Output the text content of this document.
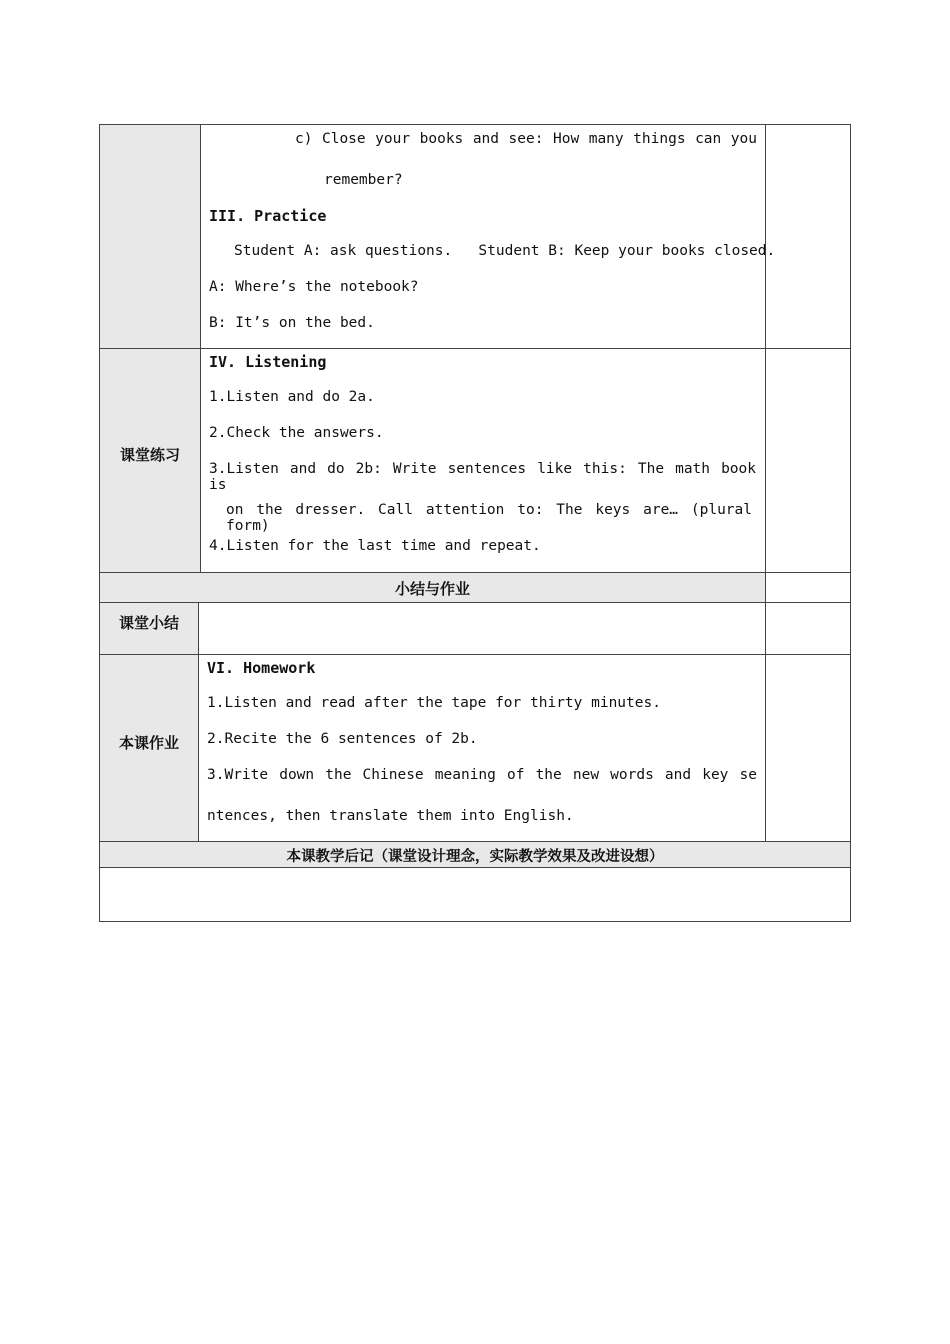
c) Close your books and see: How many things can you
remember?
III. Practice
Student A: ask questions.   Student B: Keep your books closed.
A: Where’s the notebook?
B: It’s on the bed.
课堂练习
IV. Listening
1.Listen and do 2a.
2.Check the answers.
3.Listen and do 2b: Write sentences like this: The math book is
on the dresser. Call attention to: The keys are… (plural form)
4.Listen for the last time and repeat.
小结与作业
课堂小结
本课作业
VI. Homework
1.Listen and read after the tape for thirty minutes.
2.Recite the 6 sentences of 2b.
3.Write down the Chinese meaning of the new words and key se
ntences, then translate them into English.
本课教学后记（课堂设计理念，实际教学效果及改进设想）
